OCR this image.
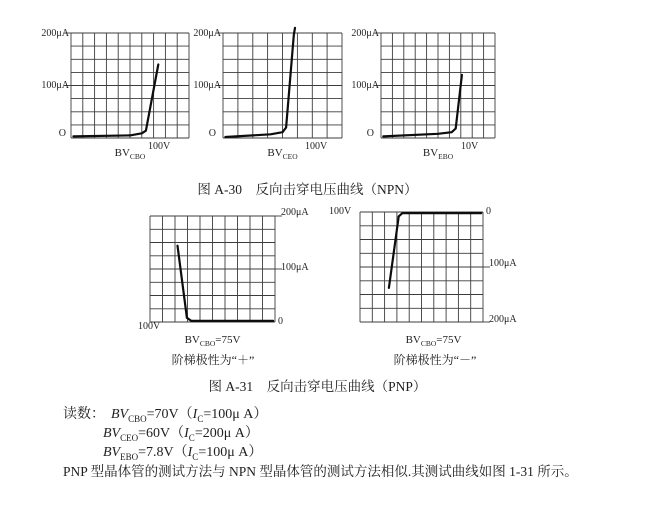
200μA
100μA
O
100V
$BV_{CBO}$
200μA
100μA
O
100V
$BV_{CEO}$
200μA
100μA
O
10V
$BV_{EBO}$
图 A-30　反向击穿电压曲线（NPN）
200μA
100μA
0
100V
$BV_{CBO}=75V$
阶梯极性为“＋”
100V	0
100μA
200μA
$BV_{CBO}=75V$
阶梯极性为“－”
图 A-31　反向击穿电压曲线（PNP）
读数： $BV_{CBO}=70V(I_C=100\mu$ A）
$BV_{CEO}=60V(I_C=200\mu$ A）
$BV_{EBO}=7.8V(I_C=100\mu$ A）
PNP 型晶体管的测试方法与 NPN 型晶体管的测试方法相似.其测试曲线如图 1-31 所示。
